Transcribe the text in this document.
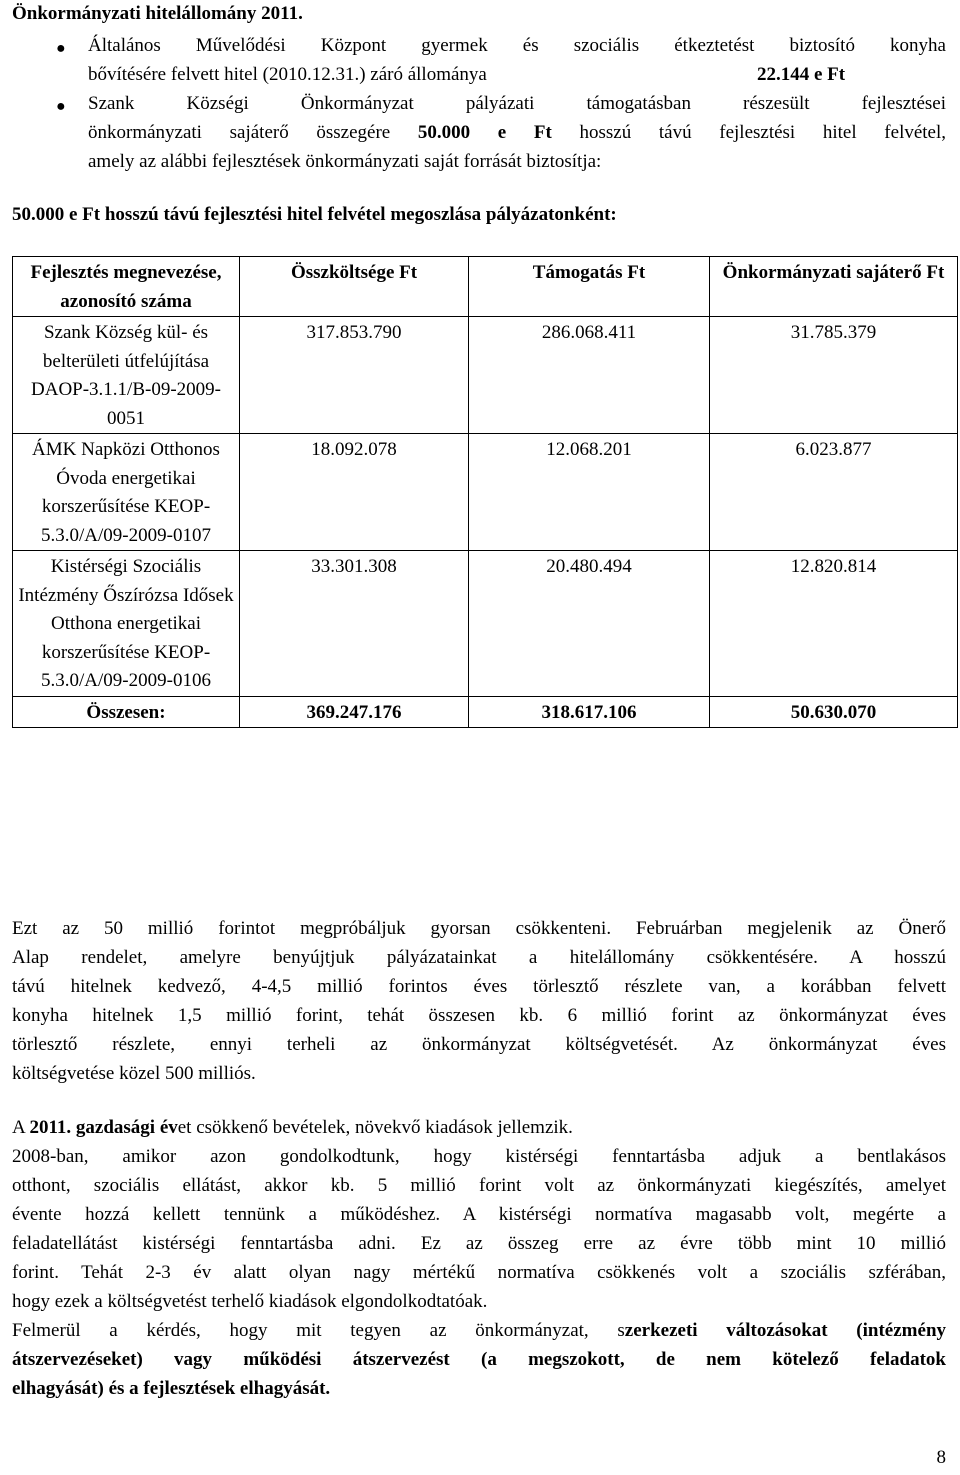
Önkormányzati hitelállomány 2011.
● Általános Művelődési Központ gyermek és szociális étkeztetést biztosító konyha
bővítésére felvett hitel (2010.12.31.) záró állománya	22.144 e Ft
● Szank Községi Önkormányzat pályázati támogatásban részesült fejlesztései
önkormányzati sajáterő összegére 50.000 e Ft hosszú távú fejlesztési hitel felvétel,
amely az alábbi fejlesztések önkormányzati saját forrását biztosítja:
50.000 e Ft hosszú távú fejlesztési hitel felvétel megoszlása pályázatonként:
Fejlesztés megnevezése, azonosító száma	Összköltsége Ft	Támogatás Ft	Önkormányzati sajáterő Ft
Szank Község kül- és belterületi útfelújítása DAOP-3.1.1/B-09-2009-0051	317.853.790	286.068.411	31.785.379
ÁMK Napközi Otthonos Óvoda energetikai korszerűsítése KEOP-5.3.0/A/09-2009-0107	18.092.078	12.068.201	6.023.877
Kistérségi Szociális Intézmény Őszírózsa Idősek Otthona energetikai korszerűsítése KEOP-5.3.0/A/09-2009-0106	33.301.308	20.480.494	12.820.814
Összesen:	369.247.176	318.617.106	50.630.070
Ezt az 50 millió forintot megpróbáljuk gyorsan csökkenteni. Februárban megjelenik az Önerő
Alap rendelet, amelyre benyújtjuk pályázatainkat a hitelállomány csökkentésére. A hosszú
távú hitelnek kedvező, 4-4,5 millió forintos éves törlesztő részlete van, a korábban felvett
konyha hitelnek 1,5 millió forint, tehát összesen kb. 6 millió forint az önkormányzat éves
törlesztő részlete, ennyi terheli az önkormányzat költségvetését. Az önkormányzat éves
költségvetése közel 500 milliós.
A 2011. gazdasági évet csökkenő bevételek, növekvő kiadások jellemzik.
2008-ban, amikor azon gondolkodtunk, hogy kistérségi fenntartásba adjuk a bentlakásos
otthont, szociális ellátást, akkor kb. 5 millió forint volt az önkormányzati kiegészítés, amelyet
évente hozzá kellett tennünk a működéshez. A kistérségi normatíva magasabb volt, megérte a
feladatellátást kistérségi fenntartásba adni. Ez az összeg erre az évre több mint 10 millió
forint. Tehát 2-3 év alatt olyan nagy mértékű normatíva csökkenés volt a szociális szférában,
hogy ezek a költségvetést terhelő kiadások elgondolkodtatóak.
Felmerül a kérdés, hogy mit tegyen az önkormányzat, szerkezeti változásokat (intézmény
átszervezéseket) vagy működési átszervezést (a megszokott, de nem kötelező feladatok
elhagyását) és a fejlesztések elhagyását.
8
